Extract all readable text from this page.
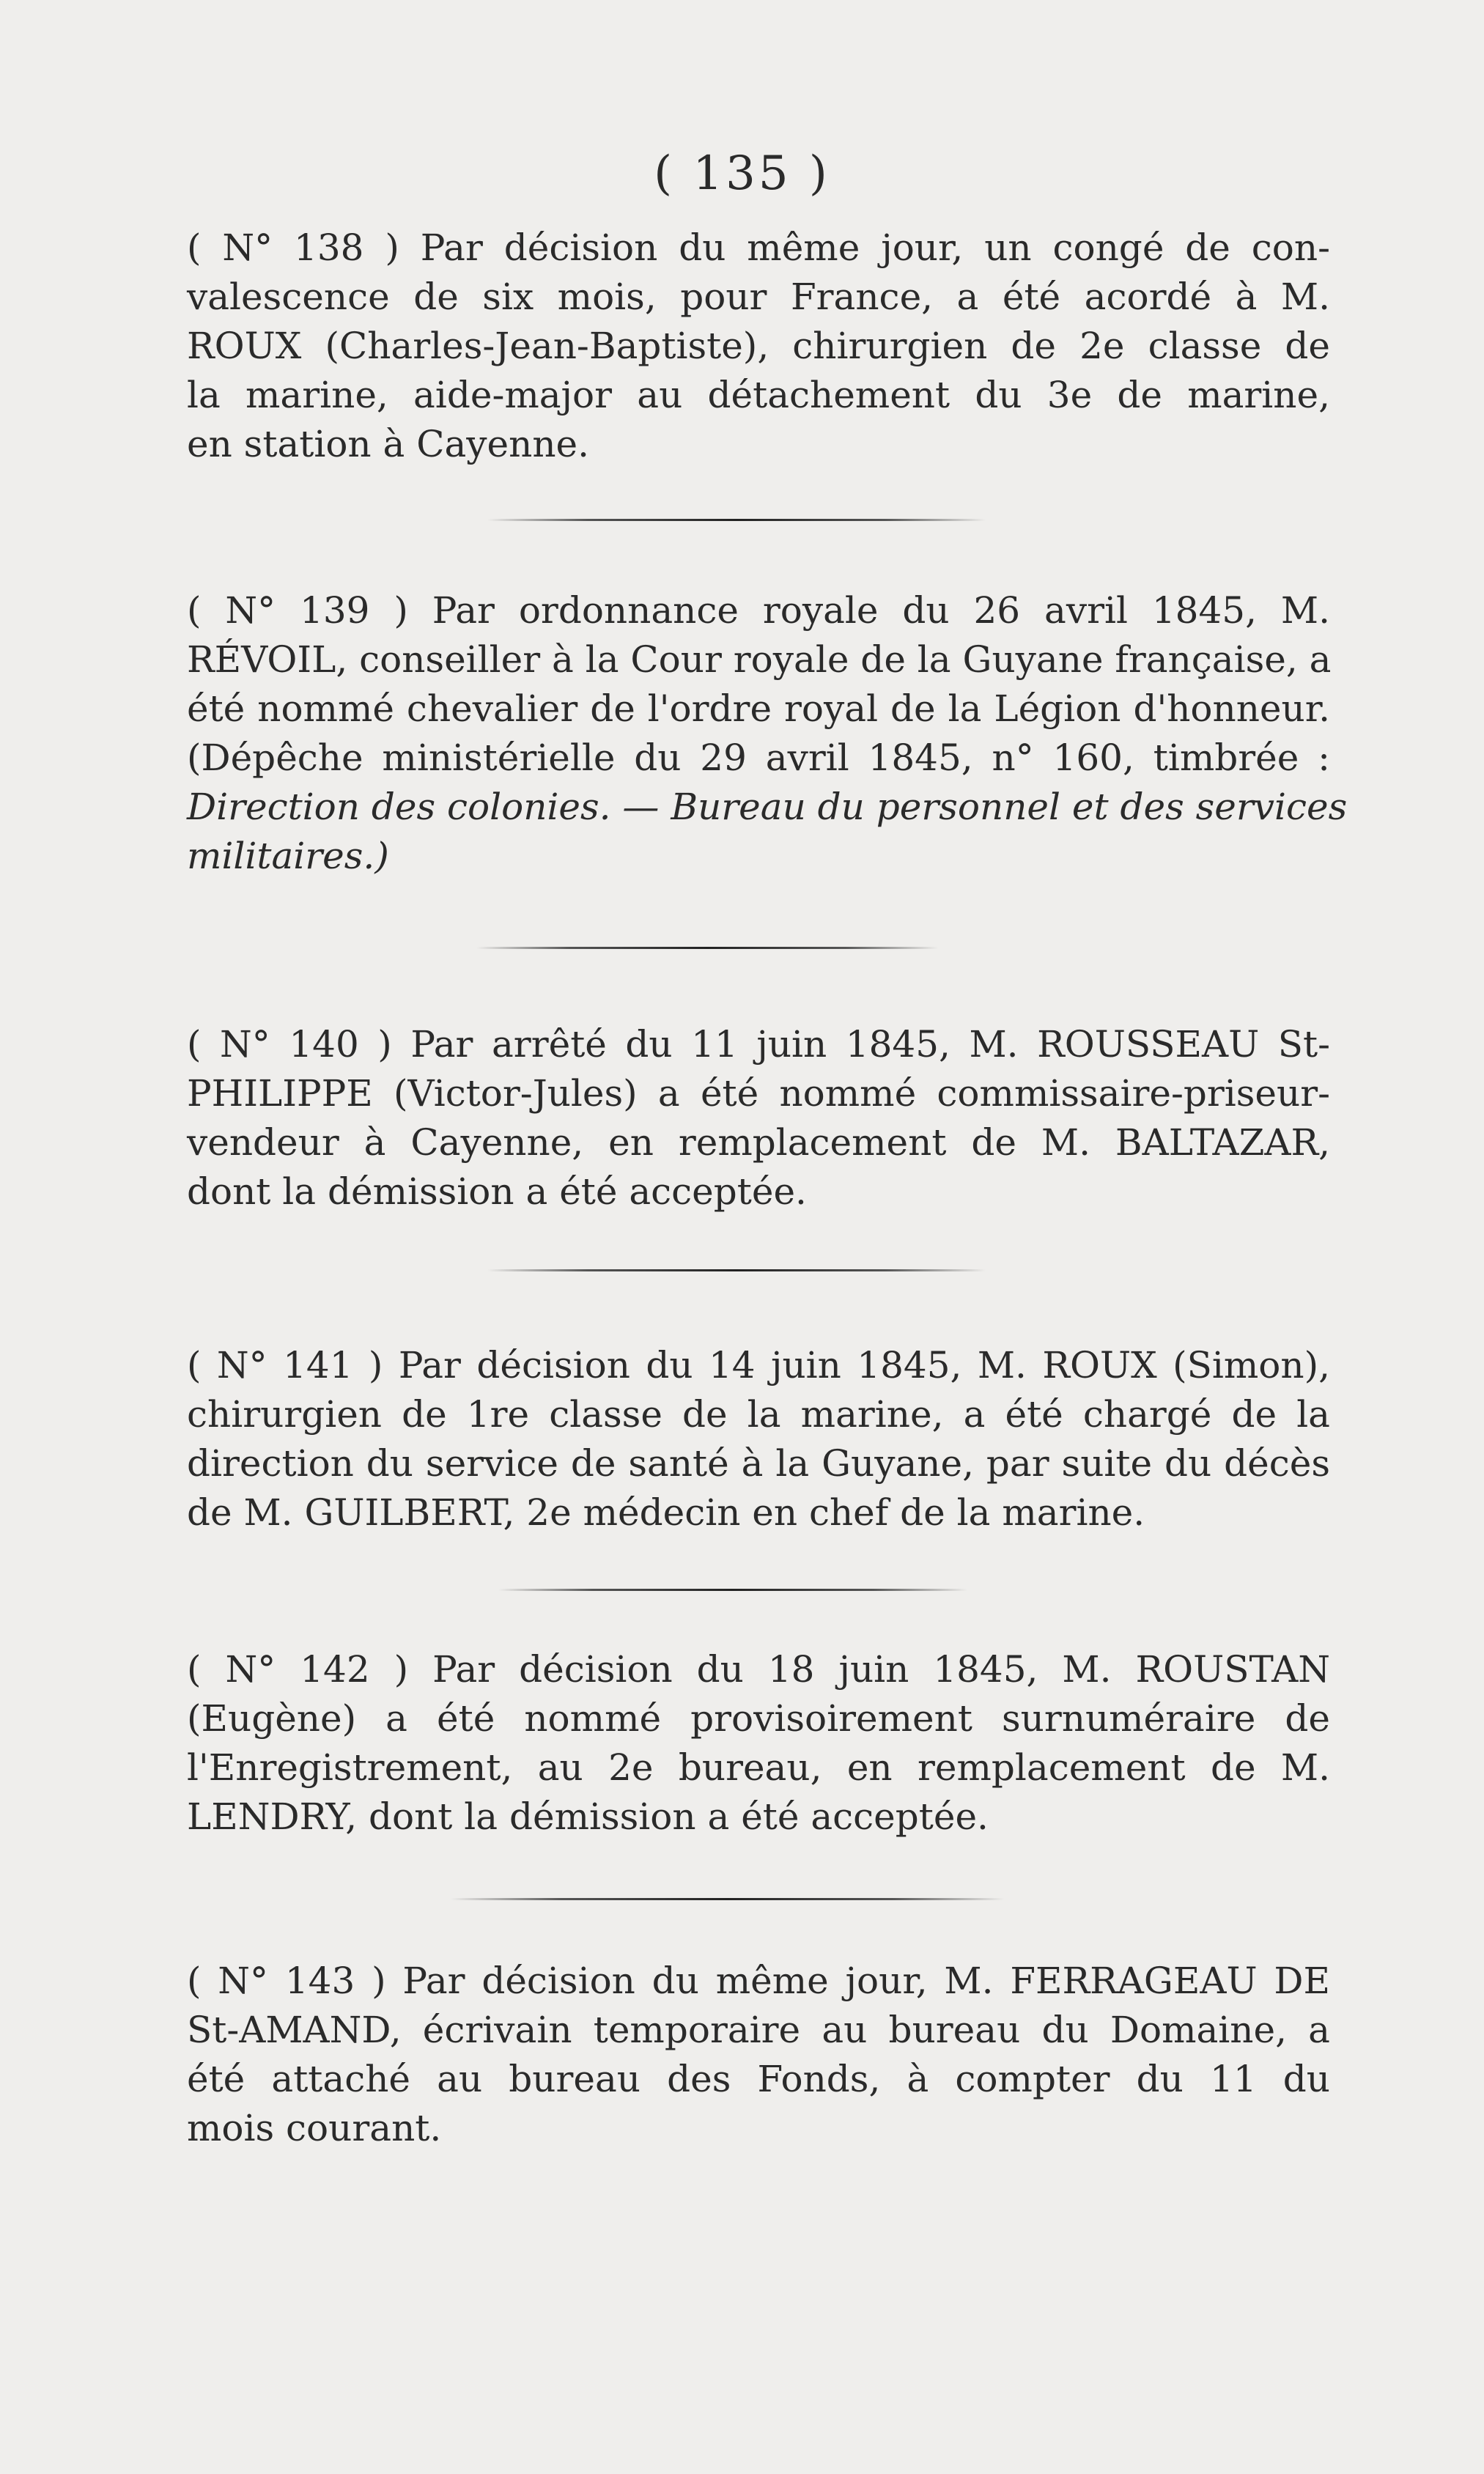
( 135 )
( N° 138 ) Par décision du même jour, un congé de con-
valescence de six mois, pour France, a été acordé à M.
ROUX (Charles-Jean-Baptiste), chirurgien de 2e classe de
la marine, aide-major au détachement du 3e de marine,
en station à Cayenne.
( N° 139 ) Par ordonnance royale du 26 avril 1845, M.
RÉVOIL, conseiller à la Cour royale de la Guyane française, a
été nommé chevalier de l'ordre royal de la Légion d'honneur.
(Dépêche ministérielle du 29 avril 1845, n° 160, timbrée :
Direction des colonies. — Bureau du personnel et des services
militaires.)
( N° 140 ) Par arrêté du 11 juin 1845, M. ROUSSEAU St-
PHILIPPE (Victor-Jules) a été nommé commissaire-priseur-
vendeur à Cayenne, en remplacement de M. BALTAZAR,
dont la démission a été acceptée.
( N° 141 ) Par décision du 14 juin 1845, M. ROUX (Simon),
chirurgien de 1re classe de la marine, a été chargé de la
direction du service de santé à la Guyane, par suite du décès
de M. GUILBERT, 2e médecin en chef de la marine.
( N° 142 ) Par décision du 18 juin 1845, M. ROUSTAN
(Eugène) a été nommé provisoirement surnuméraire de
l'Enregistrement, au 2e bureau, en remplacement de M.
LENDRY, dont la démission a été acceptée.
( N° 143 ) Par décision du même jour, M. FERRAGEAU DE
St-AMAND, écrivain temporaire au bureau du Domaine, a
été attaché au bureau des Fonds, à compter du 11 du
mois courant.
